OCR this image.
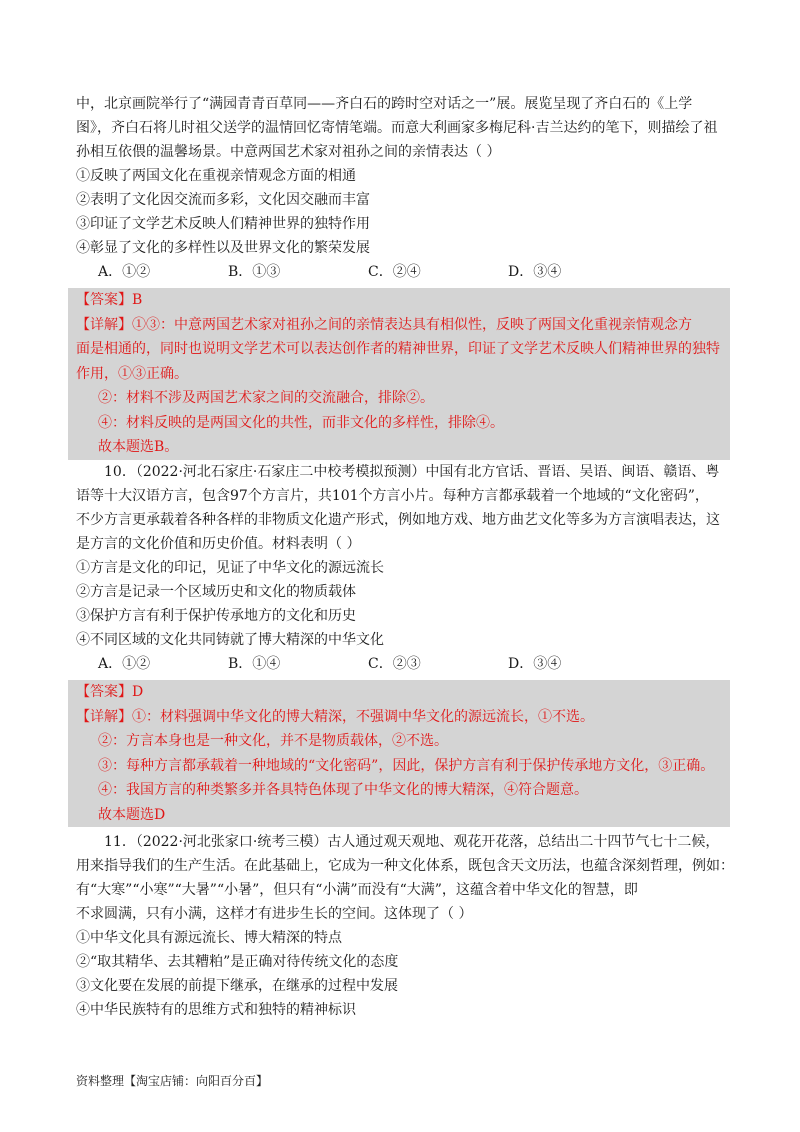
中，北京画院举行了“满园青青百草同——齐白石的跨时空对话之一”展。展览呈现了齐白石的《上学
图》，齐白石将儿时祖父送学的温情回忆寄情笔端。而意大利画家多梅尼科·吉兰达约的笔下，则描绘了祖
孙相互依偎的温馨场景。中意两国艺术家对祖孙之间的亲情表达（ ）
①反映了两国文化在重视亲情观念方面的相通
②表明了文化因交流而多彩，文化因交融而丰富
③印证了文学艺术反映人们精神世界的独特作用
④彰显了文化的多样性以及世界文化的繁荣发展
A．①②	B．①③	C．②④	D．③④
【答案】B
【详解】①③：中意两国艺术家对祖孙之间的亲情表达具有相似性，反映了两国文化重视亲情观念方
面是相通的，同时也说明文学艺术可以表达创作者的精神世界，印证了文学艺术反映人们精神世界的独特
作用，①③正确。
②：材料不涉及两国艺术家之间的交流融合，排除②。
④：材料反映的是两国文化的共性，而非文化的多样性，排除④。
故本题选B。
10．（2022·河北石家庄·石家庄二中校考模拟预测）中国有北方官话、晋语、吴语、闽语、赣语、粤
语等十大汉语方言，包含97个方言片，共101个方言小片。每种方言都承载着一个地域的“文化密码”，
不少方言更承载着各种各样的非物质文化遗产形式，例如地方戏、地方曲艺文化等多为方言演唱表达，这
是方言的文化价值和历史价值。材料表明（ ）
①方言是文化的印记，见证了中华文化的源远流长
②方言是记录一个区域历史和文化的物质载体
③保护方言有利于保护传承地方的文化和历史
④不同区域的文化共同铸就了博大精深的中华文化
A．①②	B．①④	C．②③	D．③④
【答案】D
【详解】①：材料强调中华文化的博大精深，不强调中华文化的源远流长，①不选。
②：方言本身也是一种文化，并不是物质载体，②不选。
③：每种方言都承载着一种地域的“文化密码”，因此，保护方言有利于保护传承地方文化，③正确。
④：我国方言的种类繁多并各具特色体现了中华文化的博大精深，④符合题意。
故本题选D
11．（2022·河北张家口·统考三模）古人通过观天观地、观花开花落，总结出二十四节气七十二候，
用来指导我们的生产生活。在此基础上，它成为一种文化体系，既包含天文历法，也蕴含深刻哲理，例如：
有“大寒”“小寒”“大暑”“小暑”，但只有“小满”而没有“大满”，这蕴含着中华文化的智慧，即
不求圆满，只有小满，这样才有进步生长的空间。这体现了（ ）
①中华文化具有源远流长、博大精深的特点
②“取其精华、去其糟粕”是正确对待传统文化的态度
③文化要在发展的前提下继承，在继承的过程中发展
④中华民族特有的思维方式和独特的精神标识
资料整理【淘宝店铺：向阳百分百】
